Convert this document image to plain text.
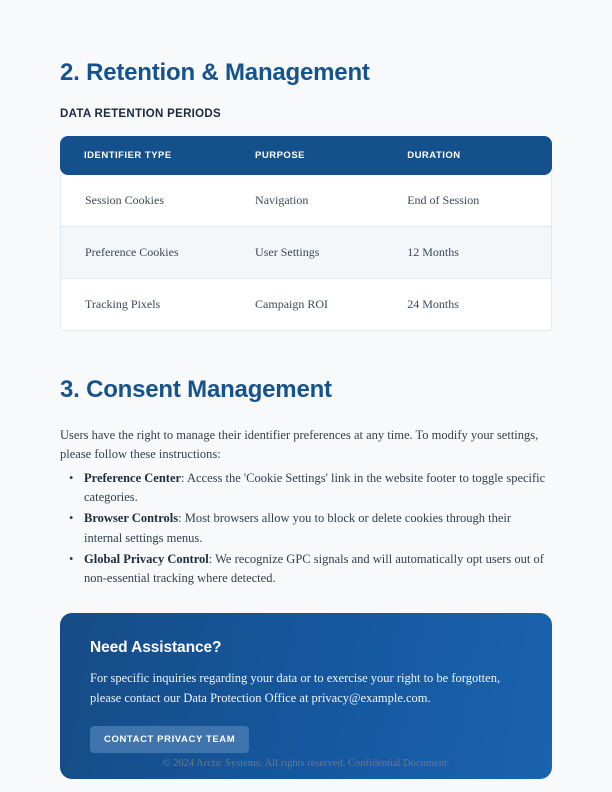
2. Retention & Management
DATA RETENTION PERIODS
IDENTIFIER TYPE	PURPOSE	DURATION
Session Cookies	Navigation	End of Session
Preference Cookies	User Settings	12 Months
Tracking Pixels	Campaign ROI	24 Months
3. Consent Management

Users have the right to manage their identifier preferences at any time. To modify your settings, please follow these instructions:

• Preference Center: Access the 'Cookie Settings' link in the website footer to toggle specific categories.
• Browser Controls: Most browsers allow you to block or delete cookies through their internal settings menus.
• Global Privacy Control: We recognize GPC signals and will automatically opt users out of non-essential tracking where detected.
Need Assistance?

For specific inquiries regarding your data or to exercise your right to be forgotten, please contact our Data Protection Office at privacy@example.com.

CONTACT PRIVACY TEAM
© 2024 Arctic Systems. All rights reserved. Confidential Document.
